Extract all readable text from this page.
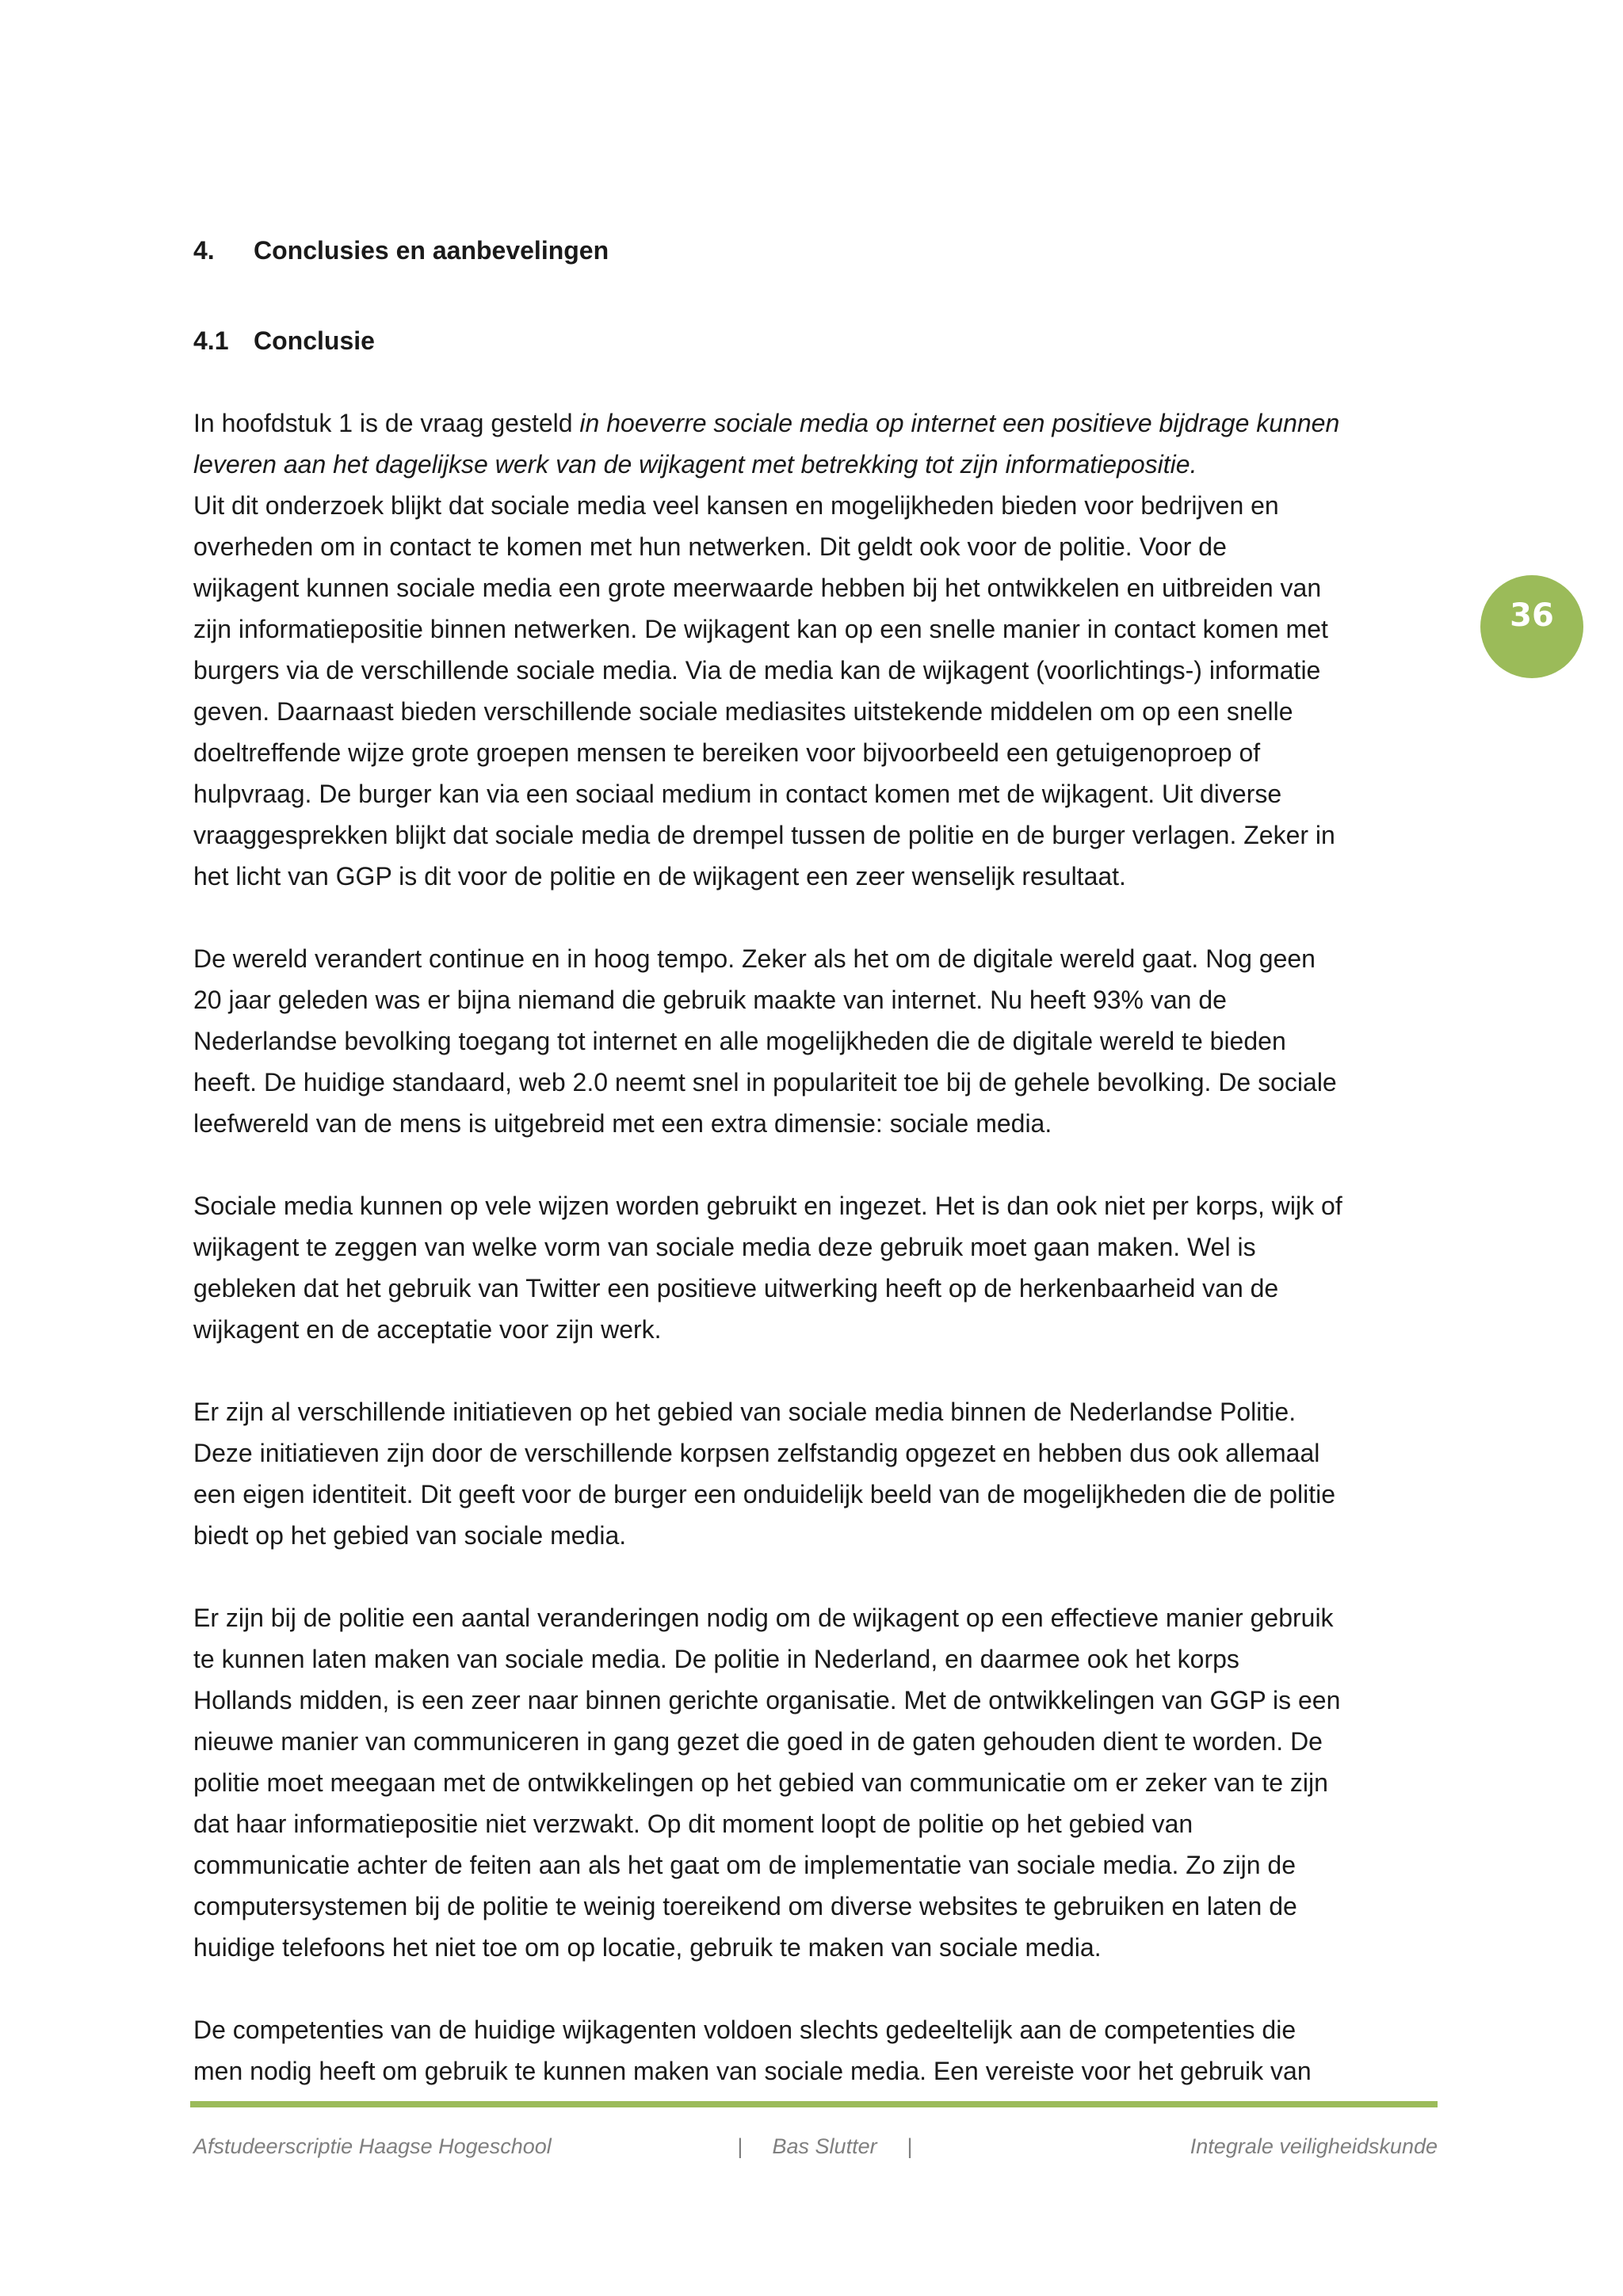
4. Conclusies en aanbevelingen
4.1 Conclusie
In hoofdstuk 1 is de vraag gesteld in hoeverre sociale media op internet een positieve bijdrage kunnen
leveren aan het dagelijkse werk van de wijkagent met betrekking tot zijn informatiepositie.
Uit dit onderzoek blijkt dat sociale media veel kansen en mogelijkheden bieden voor bedrijven en
overheden om in contact te komen met hun netwerken. Dit geldt ook voor de politie. Voor de
wijkagent kunnen sociale media een grote meerwaarde hebben bij het ontwikkelen en uitbreiden van
zijn informatiepositie binnen netwerken. De wijkagent kan op een snelle manier in contact komen met
burgers via de verschillende sociale media. Via de media kan de wijkagent (voorlichtings-) informatie
geven. Daarnaast bieden verschillende sociale mediasites uitstekende middelen om op een snelle
doeltreffende wijze grote groepen mensen te bereiken voor bijvoorbeeld een getuigenoproep of
hulpvraag. De burger kan via een sociaal medium in contact komen met de wijkagent. Uit diverse
vraaggesprekken blijkt dat sociale media de drempel tussen de politie en de burger verlagen. Zeker in
het licht van GGP is dit voor de politie en de wijkagent een zeer wenselijk resultaat.
De wereld verandert continue en in hoog tempo. Zeker als het om de digitale wereld gaat. Nog geen
20 jaar geleden was er bijna niemand die gebruik maakte van internet. Nu heeft 93% van de
Nederlandse bevolking toegang tot internet en alle mogelijkheden die de digitale wereld te bieden
heeft. De huidige standaard, web 2.0 neemt snel in populariteit toe bij de gehele bevolking. De sociale
leefwereld van de mens is uitgebreid met een extra dimensie: sociale media.
Sociale media kunnen op vele wijzen worden gebruikt en ingezet. Het is dan ook niet per korps, wijk of
wijkagent te zeggen van welke vorm van sociale media deze gebruik moet gaan maken. Wel is
gebleken dat het gebruik van Twitter een positieve uitwerking heeft op de herkenbaarheid van de
wijkagent en de acceptatie voor zijn werk.
Er zijn al verschillende initiatieven op het gebied van sociale media binnen de Nederlandse Politie.
Deze initiatieven zijn door de verschillende korpsen zelfstandig opgezet en hebben dus ook allemaal
een eigen identiteit. Dit geeft voor de burger een onduidelijk beeld van de mogelijkheden die de politie
biedt op het gebied van sociale media.
Er zijn bij de politie een aantal veranderingen nodig om de wijkagent op een effectieve manier gebruik
te kunnen laten maken van sociale media. De politie in Nederland, en daarmee ook het korps
Hollands midden, is een zeer naar binnen gerichte organisatie. Met de ontwikkelingen van GGP is een
nieuwe manier van communiceren in gang gezet die goed in de gaten gehouden dient te worden. De
politie moet meegaan met de ontwikkelingen op het gebied van communicatie om er zeker van te zijn
dat haar informatiepositie niet verzwakt. Op dit moment loopt de politie op het gebied van
communicatie achter de feiten aan als het gaat om de implementatie van sociale media. Zo zijn de
computersystemen bij de politie te weinig toereikend om diverse websites te gebruiken en laten de
huidige telefoons het niet toe om op locatie, gebruik te maken van sociale media.
De competenties van de huidige wijkagenten voldoen slechts gedeeltelijk aan de competenties die
men nodig heeft om gebruik te kunnen maken van sociale media. Een vereiste voor het gebruik van
36
Afstudeerscriptie Haagse Hogeschool	|     Bas Slutter     |	Integrale veiligheidskunde
